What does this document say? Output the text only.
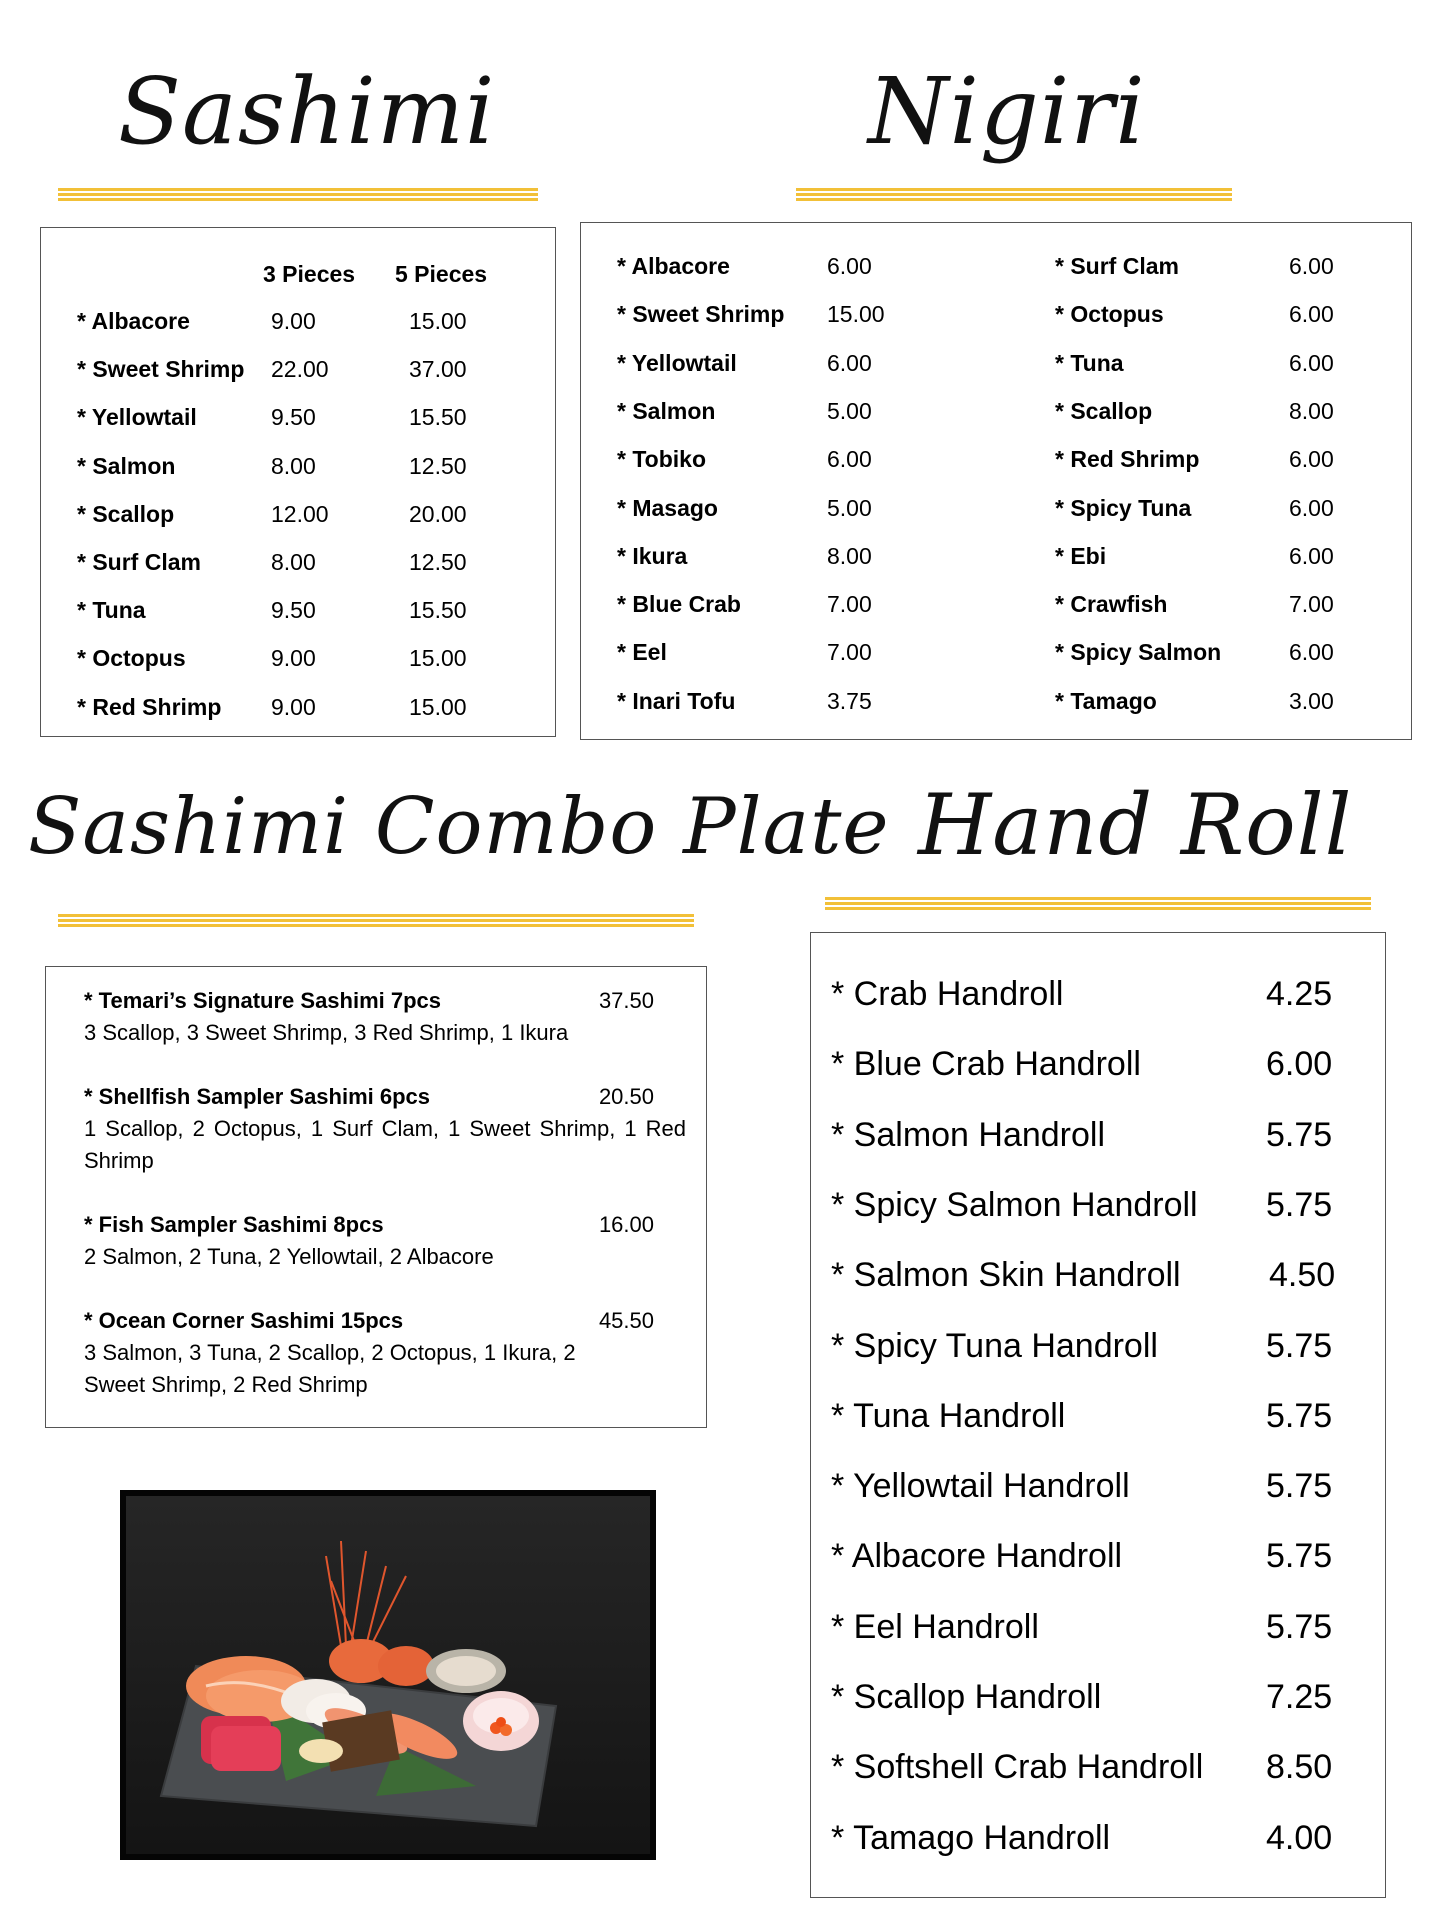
Sashimi
3 Pieces 5 Pieces
* Albacore	9.00	15.00
* Sweet Shrimp 22.00	37.00
* Yellowtail	9.50	15.50
* Salmon	8.00	12.50
* Scallop	12.00	20.00
* Surf Clam	8.00	12.50
* Tuna	9.50	15.50
* Octopus	9.00	15.00
* Red Shrimp 9.00	15.00
Nigiri
* Albacore	6.00
* Sweet Shrimp 15.00
* Yellowtail	6.00
* Salmon	5.00
* Tobiko	6.00
* Masago	5.00
* Ikura	8.00
* Blue Crab	7.00
* Eel	7.00
* Inari Tofu	3.75
* Surf Clam	6.00
* Octopus	6.00
* Tuna	6.00
* Scallop	8.00
* Red Shrimp	6.00
* Spicy Tuna	6.00
* Ebi	6.00
* Crawfish	7.00
* Spicy Salmon	6.00
* Tamago	3.00
Sashimi Combo Plate
* Temari’s Signature Sashimi 7pcs	37.50
3 Scallop, 3 Sweet Shrimp, 3 Red Shrimp, 1 Ikura
* Shellfish Sampler Sashimi 6pcs	20.50
1 Scallop, 2 Octopus, 1 Surf Clam, 1 Sweet Shrimp, 1 Red Shrimp
* Fish Sampler Sashimi 8pcs	16.00
2 Salmon, 2 Tuna, 2 Yellowtail, 2 Albacore
* Ocean Corner Sashimi 15pcs	45.50
3 Salmon, 3 Tuna, 2 Scallop, 2 Octopus, 1 Ikura, 2 Sweet Shrimp, 2 Red Shrimp
Hand Roll
* Crab Handroll	4.25
* Blue Crab Handroll	6.00
* Salmon Handroll	5.75
* Spicy Salmon Handroll 5.75
* Salmon Skin Handroll	4.50
* Spicy Tuna Handroll	5.75
* Tuna Handroll	5.75
* Yellowtail Handroll	5.75
* Albacore Handroll	5.75
* Eel Handroll	5.75
* Scallop Handroll	7.25
* Softshell Crab Handroll 8.50
* Tamago Handroll	4.00
